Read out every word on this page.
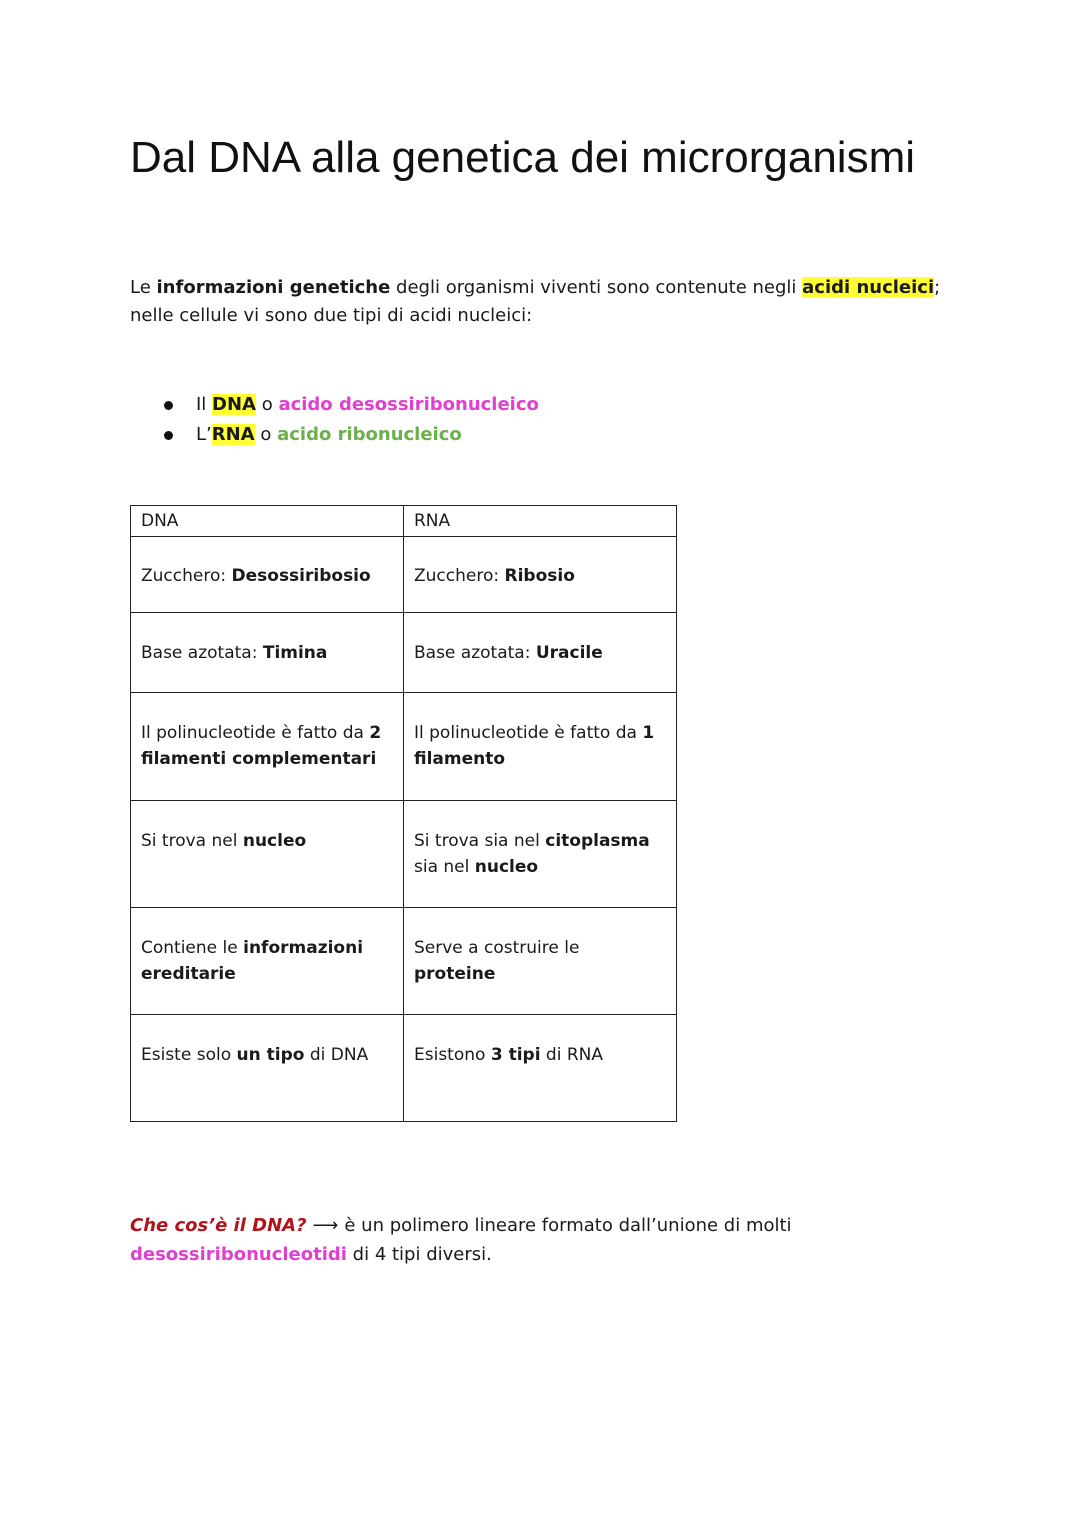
Dal DNA alla genetica dei microrganismi

Le informazioni genetiche degli organismi viventi sono contenute negli acidi nucleici; nelle cellule vi sono due tipi di acidi nucleici:

Il DNA o acido desossiribonucleico
L’RNA o acido ribonucleico
DNA	RNA
Zucchero: Desossiribosio	Zucchero: Ribosio
Base azotata: Timina	Base azotata: Uracile
Il polinucleotide è fatto da 2 filamenti complementari	Il polinucleotide è fatto da 1 filamento
Si trova nel nucleo	Si trova sia nel citoplasma sia nel nucleo
Contiene le informazioni ereditarie	Serve a costruire le proteine
Esiste solo un tipo di DNA	Esistono 3 tipi di RNA

Che cos’è il DNA? ⟶ è un polimero lineare formato dall’unione di molti desossiribonucleotidi di 4 tipi diversi.
